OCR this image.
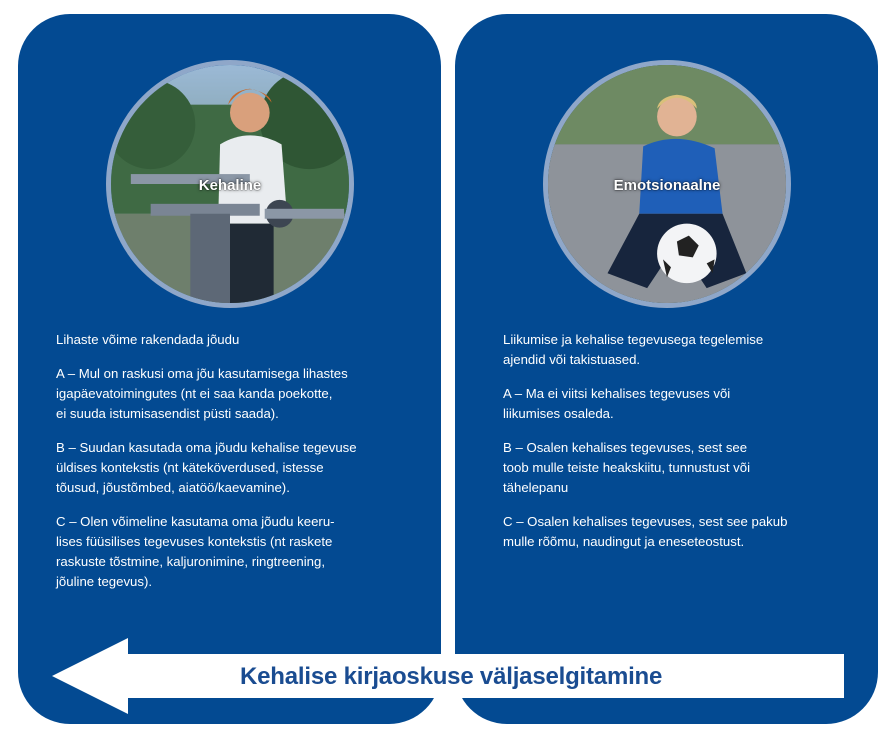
Kehaline

Lihaste võime rakendada jõudu

A – Mul on raskusi oma jõu kasutamisega lihastes
igapäevatoimingutes (nt ei saa kanda poekotte,
ei suuda istumisasendist püsti saada).

B – Suudan kasutada oma jõudu kehalise tegevuse
üldises kontekstis (nt käteköverdused, istesse
tõusud, jõustõmbed, aiatöö/kaevamine).

C – Olen võimeline kasutama oma jõudu keeru-
lises füüsilises tegevuses kontekstis (nt raskete
raskuste tõstmine, kaljuronimine, ringtreening,
jõuline tegevus).

Emotsionaalne

Liikumise ja kehalise tegevusega tegelemise
ajendid või takistuased.

A – Ma ei viitsi kehalises tegevuses või
liikumises osaleda.

B – Osalen kehalises tegevuses, sest see
toob mulle teiste heakskiitu, tunnustust või
tähelepanu

C – Osalen kehalises tegevuses, sest see pakub
mulle rõõmu, naudingut ja eneseteostust.

Kehalise kirjaoskuse väljaselgitamine
